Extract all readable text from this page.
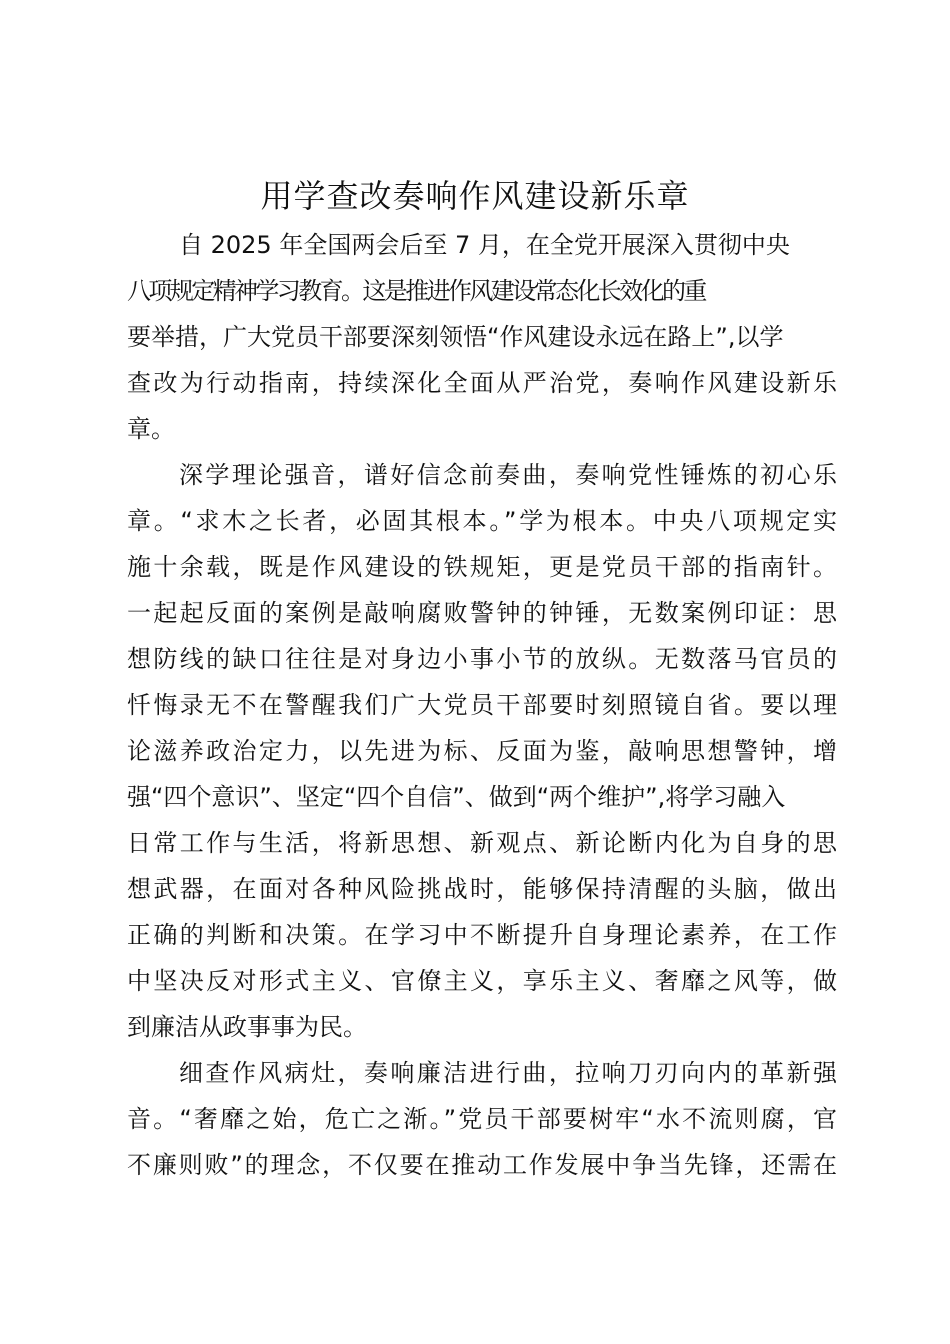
用学查改奏响作风建设新乐章
自 2025 年全国两会后至 7 月，在全党开展深入贯彻中央
八项规定精神学习教育。这是推进作风建设常态化长效化的重
要举措，广大党员干部要深刻领悟“作风建设永远在路上”,以学
查改为行动指南，持续深化全面从严治党，奏响作风建设新乐
章。
深学理论强音，谱好信念前奏曲，奏响党性锤炼的初心乐
章。“求木之长者，必固其根本。”学为根本。中央八项规定实
施十余载，既是作风建设的铁规矩，更是党员干部的指南针。
一起起反面的案例是敲响腐败警钟的钟锤，无数案例印证：思
想防线的缺口往往是对身边小事小节的放纵。无数落马官员的
忏悔录无不在警醒我们广大党员干部要时刻照镜自省。要以理
论滋养政治定力，以先进为标、反面为鉴，敲响思想警钟，增
强“四个意识”、坚定“四个自信”、做到“两个维护”,将学习融入
日常工作与生活，将新思想、新观点、新论断内化为自身的思
想武器，在面对各种风险挑战时，能够保持清醒的头脑，做出
正确的判断和决策。在学习中不断提升自身理论素养，在工作
中坚决反对形式主义、官僚主义，享乐主义、奢靡之风等，做
到廉洁从政事事为民。
细查作风病灶，奏响廉洁进行曲，拉响刀刃向内的革新强
音。“奢靡之始，危亡之渐。”党员干部要树牢“水不流则腐，官
不廉则败”的理念，不仅要在推动工作发展中争当先锋，还需在
